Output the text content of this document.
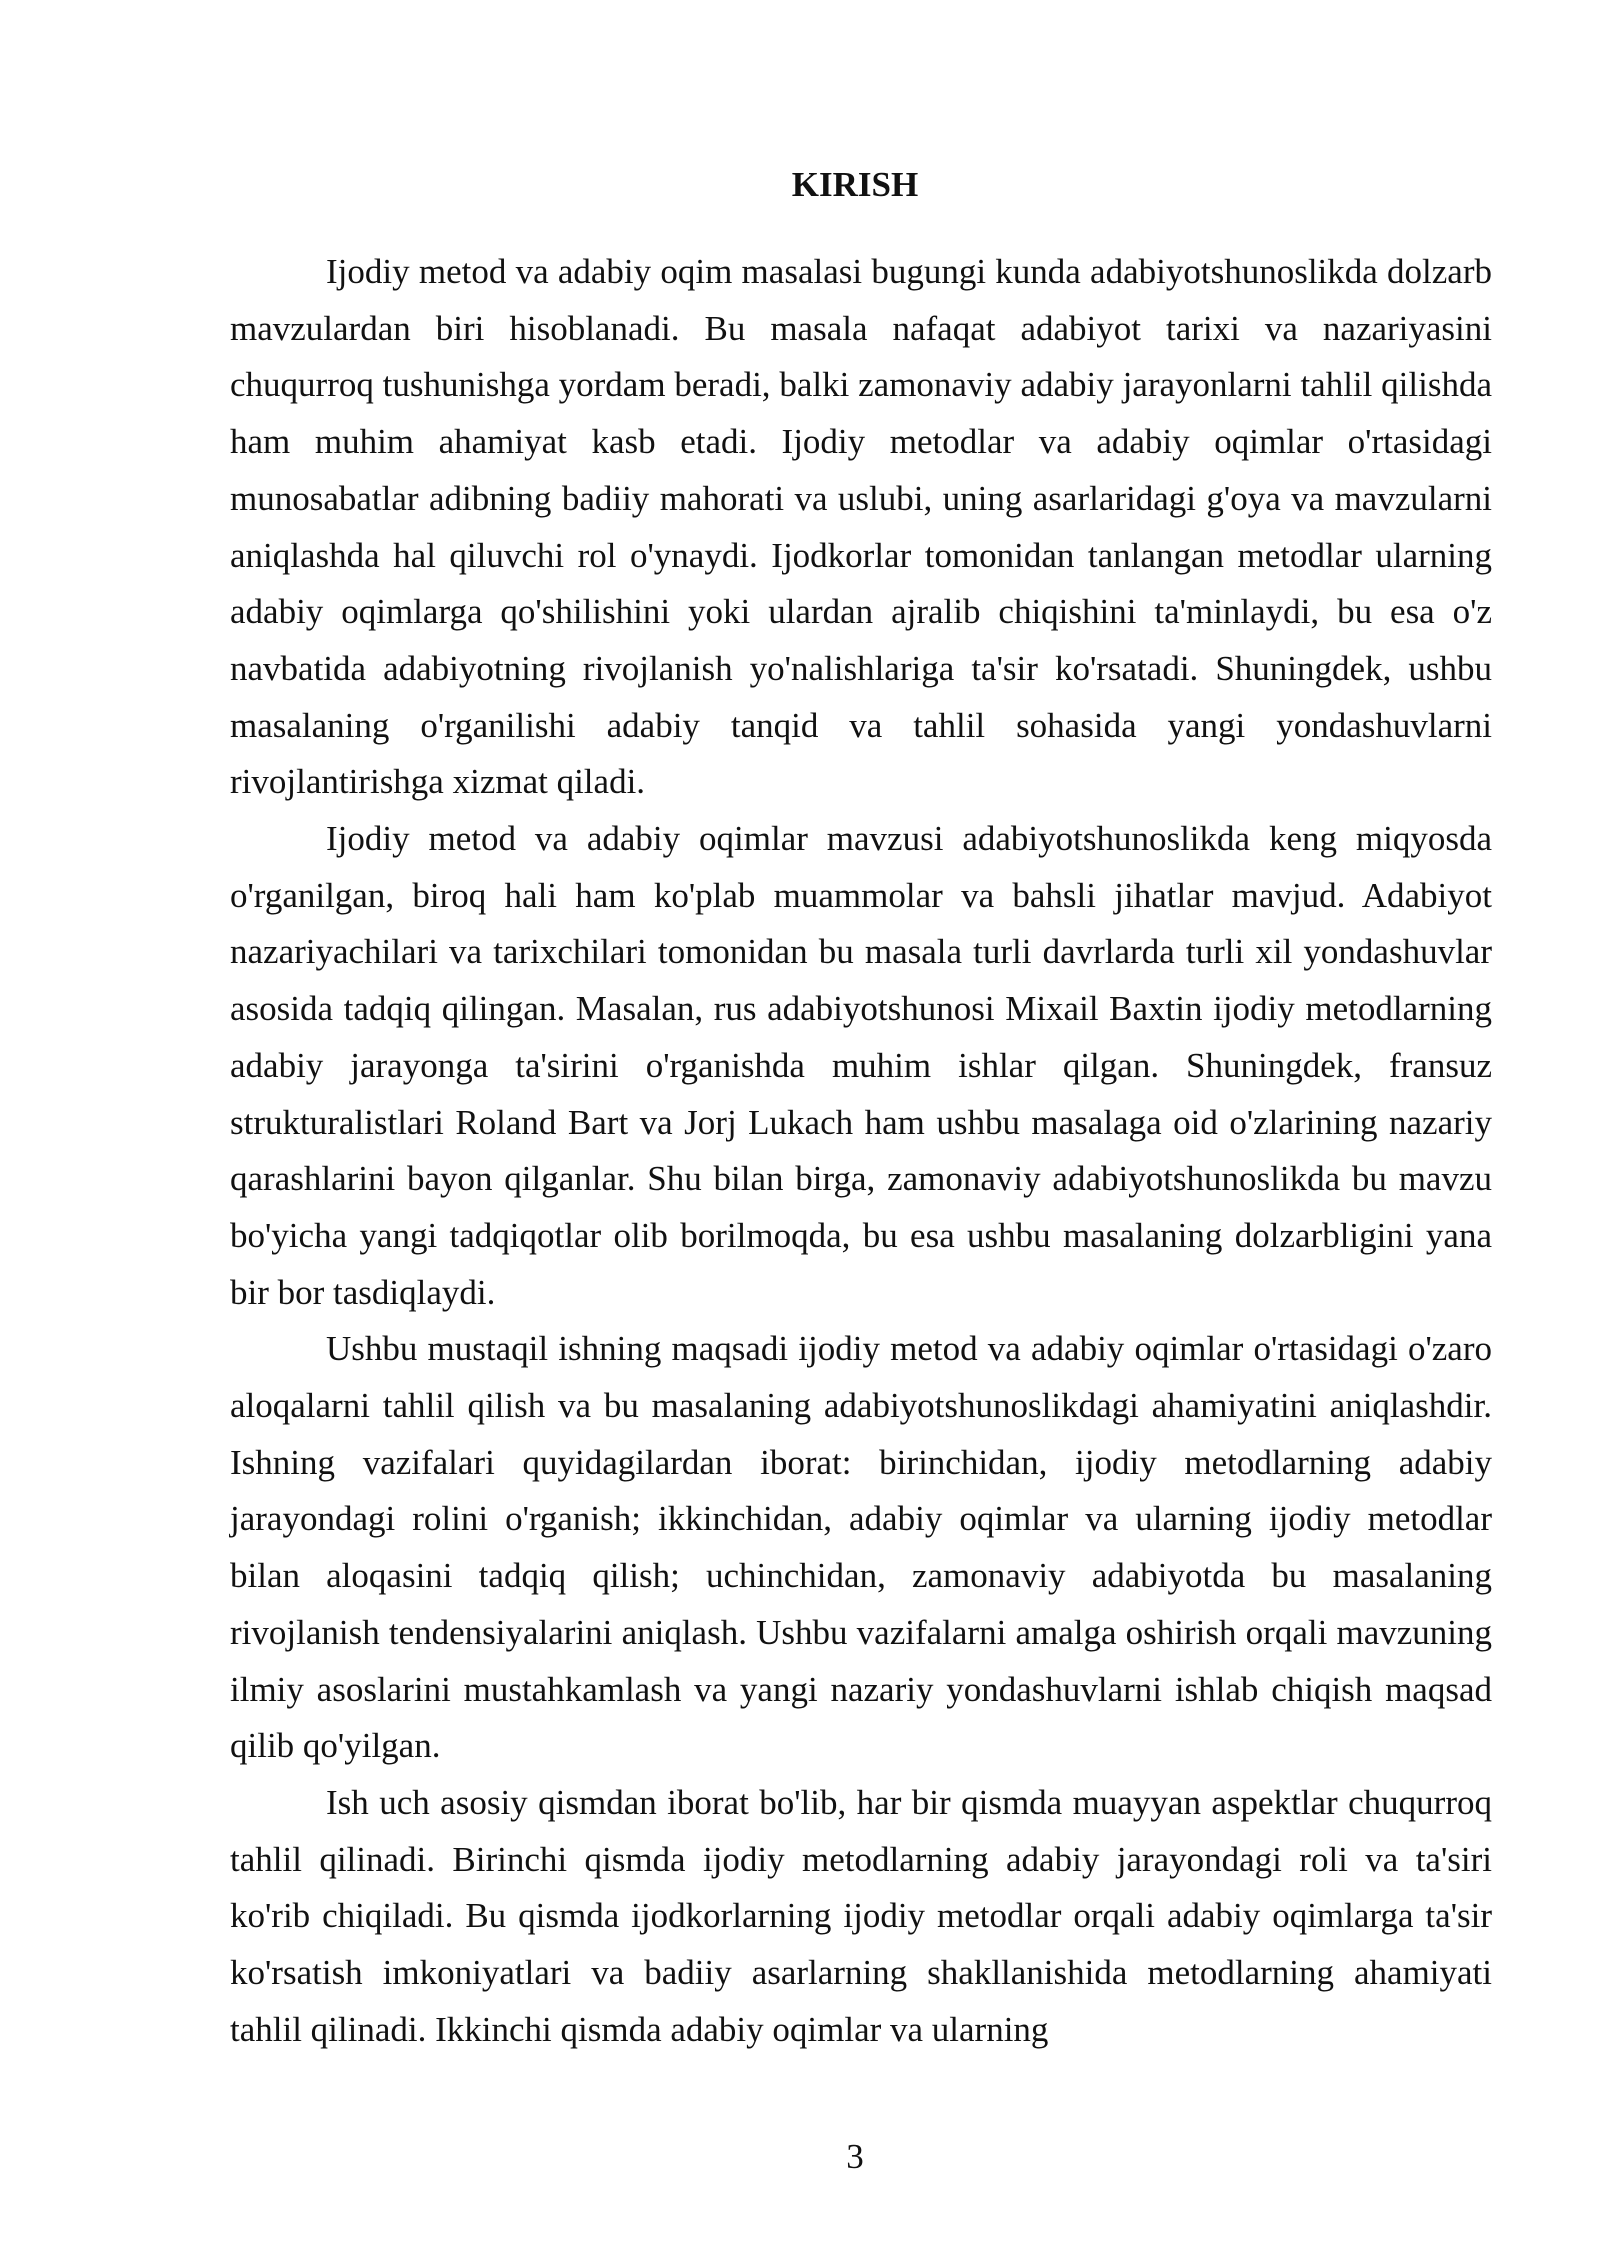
KIRISH

Ijodiy metod va adabiy oqim masalasi bugungi kunda adabiyotshunoslikda dolzarb mavzulardan biri hisoblanadi. Bu masala nafaqat adabiyot tarixi va nazariyasini chuqurroq tushunishga yordam beradi, balki zamonaviy adabiy jarayonlarni tahlil qilishda ham muhim ahamiyat kasb etadi. Ijodiy metodlar va adabiy oqimlar o'rtasidagi munosabatlar adibning badiiy mahorati va uslubi, uning asarlaridagi g'oya va mavzularni aniqlashda hal qiluvchi rol o'ynaydi. Ijodkorlar tomonidan tanlangan metodlar ularning adabiy oqimlarga qo'shilishini yoki ulardan ajralib chiqishini ta'minlaydi, bu esa o'z navbatida adabiyotning rivojlanish yo'nalishlariga ta'sir ko'rsatadi. Shuningdek, ushbu masalaning o'rganilishi adabiy tanqid va tahlil sohasida yangi yondashuvlarni rivojlantirishga xizmat qiladi.

Ijodiy metod va adabiy oqimlar mavzusi adabiyotshunoslikda keng miqyosda o'rganilgan, biroq hali ham ko'plab muammolar va bahsli jihatlar mavjud. Adabiyot nazariyachilari va tarixchilari tomonidan bu masala turli davrlarda turli xil yondashuvlar asosida tadqiq qilingan. Masalan, rus adabiyotshunosi Mixail Baxtin ijodiy metodlarning adabiy jarayonga ta'sirini o'rganishda muhim ishlar qilgan. Shuningdek, fransuz strukturalistlari Roland Bart va Jorj Lukach ham ushbu masalaga oid o'zlarining nazariy qarashlarini bayon qilganlar. Shu bilan birga, zamonaviy adabiyotshunoslikda bu mavzu bo'yicha yangi tadqiqotlar olib borilmoqda, bu esa ushbu masalaning dolzarbligini yana bir bor tasdiqlaydi.

Ushbu mustaqil ishning maqsadi ijodiy metod va adabiy oqimlar o'rtasidagi o'zaro aloqalarni tahlil qilish va bu masalaning adabiyotshunoslikdagi ahamiyatini aniqlashdir. Ishning vazifalari quyidagilardan iborat: birinchidan, ijodiy metodlarning adabiy jarayondagi rolini o'rganish; ikkinchidan, adabiy oqimlar va ularning ijodiy metodlar bilan aloqasini tadqiq qilish; uchinchidan, zamonaviy adabiyotda bu masalaning rivojlanish tendensiyalarini aniqlash. Ushbu vazifalarni amalga oshirish orqali mavzuning ilmiy asoslarini mustahkamlash va yangi nazariy yondashuvlarni ishlab chiqish maqsad qilib qo'yilgan.

Ish uch asosiy qismdan iborat bo'lib, har bir qismda muayyan aspektlar chuqurroq tahlil qilinadi. Birinchi qismda ijodiy metodlarning adabiy jarayondagi roli va ta'siri ko'rib chiqiladi. Bu qismda ijodkorlarning ijodiy metodlar orqali adabiy oqimlarga ta'sir ko'rsatish imkoniyatlari va badiiy asarlarning shakllanishida metodlarning ahamiyati tahlil qilinadi. Ikkinchi qismda adabiy oqimlar va ularning

3
